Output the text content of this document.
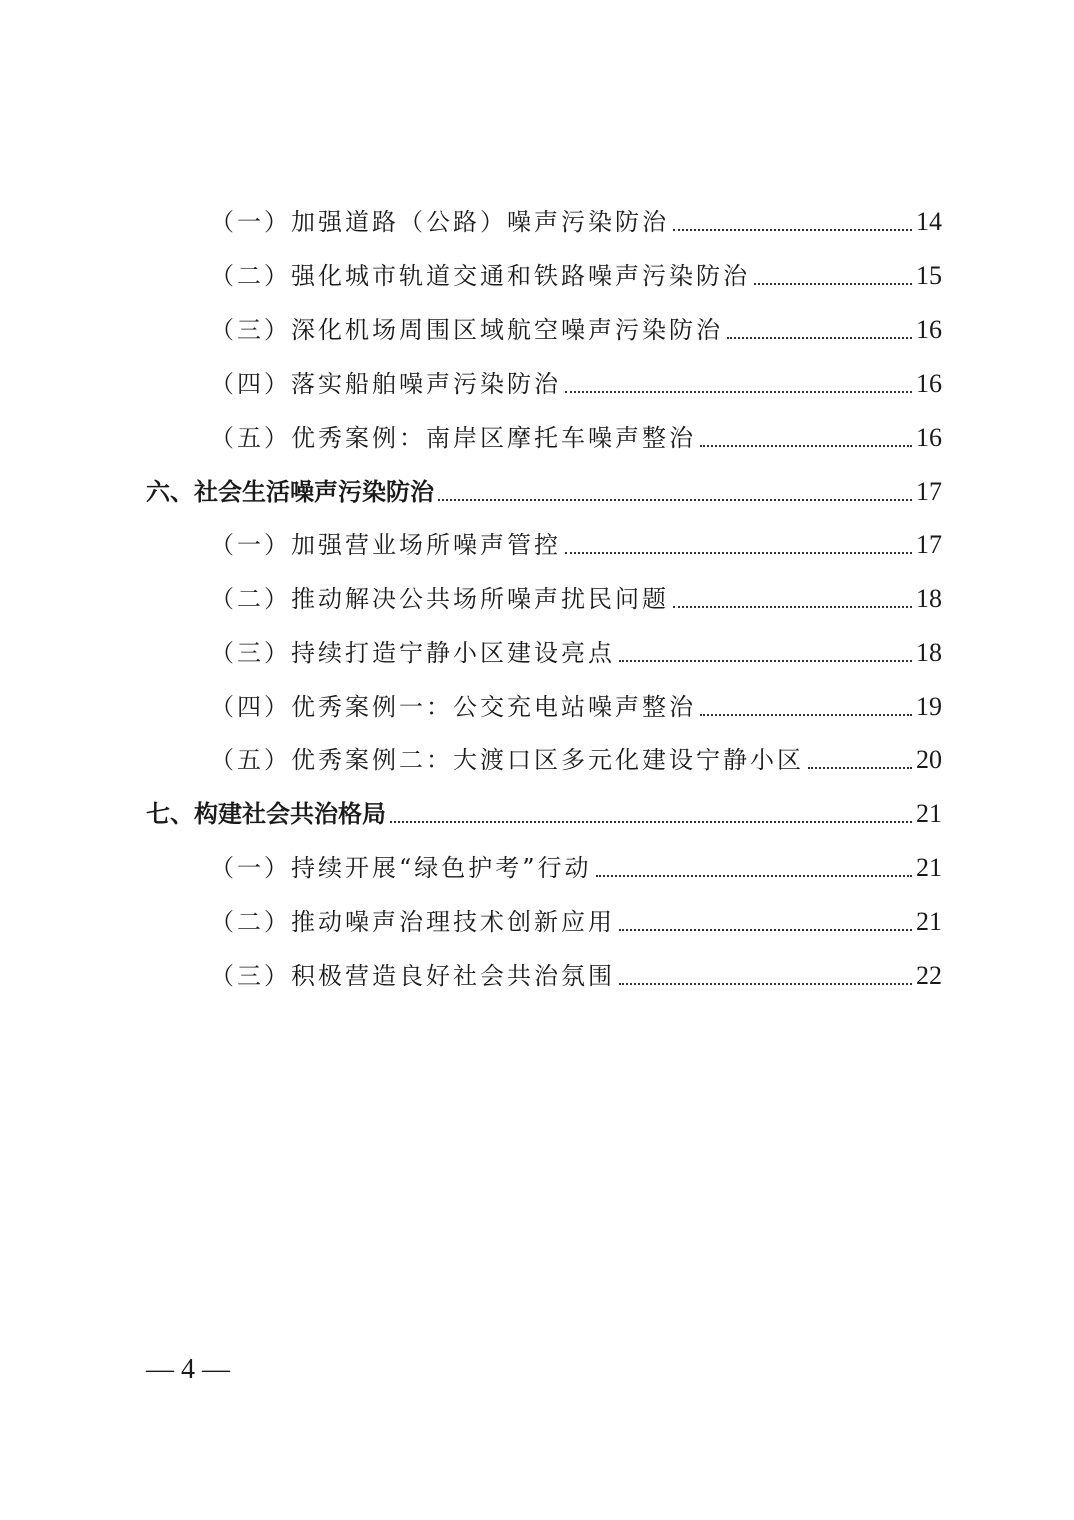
（一）加强道路（公路）噪声污染防治	14
（二）强化城市轨道交通和铁路噪声污染防治	15
（三）深化机场周围区域航空噪声污染防治	16
（四）落实船舶噪声污染防治	16
（五）优秀案例：南岸区摩托车噪声整治	16
六、社会生活噪声污染防治	17
（一）加强营业场所噪声管控	17
（二）推动解决公共场所噪声扰民问题	18
（三）持续打造宁静小区建设亮点	18
（四）优秀案例一：公交充电站噪声整治	19
（五）优秀案例二：大渡口区多元化建设宁静小区	20
七、构建社会共治格局	21
（一）持续开展“绿色护考”行动	21
（二）推动噪声治理技术创新应用	21
（三）积极营造良好社会共治氛围	22
— 4 —
